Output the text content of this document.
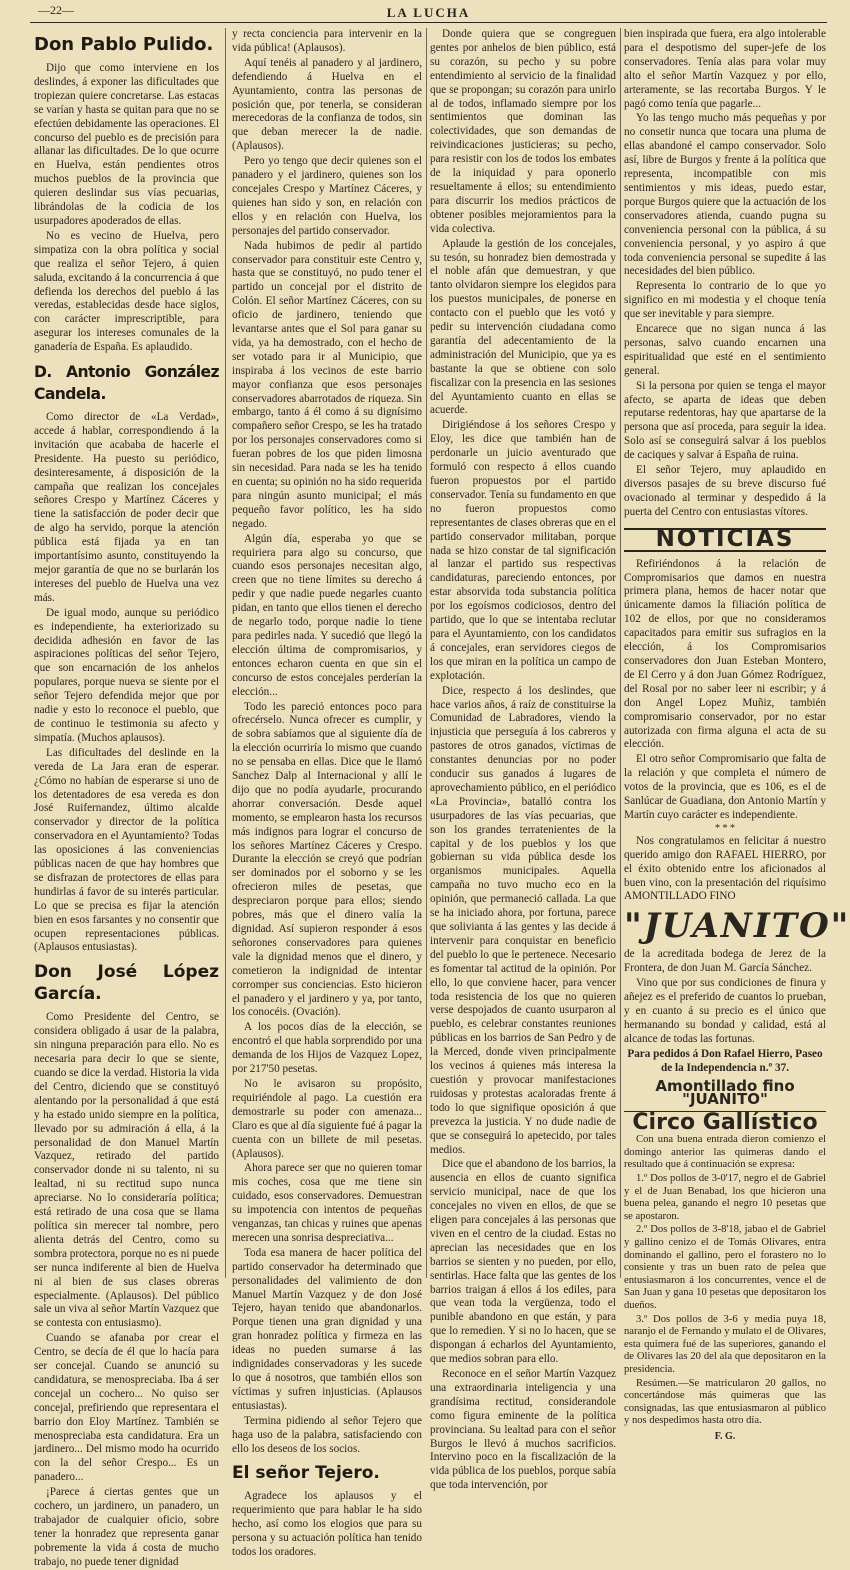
—22—	LA LUCHA
Don Pablo Pulido.

Dijo que como interviene en los deslindes, á exponer las dificultades que tropiezan quiere concretarse. Las estacas se varían y hasta se quitan para que no se efectúen debidamente las operaciones. El concurso del pueblo es de precisión para allanar las dificultades. De lo que ocurre en Huelva, están pendientes otros muchos pueblos de la provincia que quieren deslindar sus vías pecuarias, librándolas de la codicia de los usurpadores apoderados de ellas.

No es vecino de Huelva, pero simpatiza con la obra política y social que realiza el señor Tejero, á quien saluda, excitando á la concurrencia á que defienda los derechos del pueblo á las veredas, establecidas desde hace siglos, con carácter imprescriptible, para asegurar los intereses comunales de la ganadería de España. Es aplaudido.

D. Antonio González Candela.

Como director de «La Verdad», accede á hablar, correspondiendo á la invitación que acababa de hacerle el Presidente. Ha puesto su periódico, desinteresamente, á disposición de la campaña que realizan los concejales señores Crespo y Martínez Cáceres y tiene la satisfacción de poder decir que de algo ha servido, porque la atención pública está fijada ya en tan importantísimo asunto, constituyendo la mejor garantía de que no se burlarán los intereses del pueblo de Huelva una vez más.

De igual modo, aunque su periódico es independiente, ha exteriorizado su decidida adhesión en favor de las aspiraciones políticas del señor Tejero, que son encarnación de los anhelos populares, porque nueva se siente por el señor Tejero defendida mejor que por nadie y esto lo reconoce el pueblo, que de continuo le testimonia su afecto y simpatía. (Muchos aplausos).

Las dificultades del deslinde en la vereda de La Jara eran de esperar. ¿Cómo no habían de esperarse si uno de los detentadores de esa vereda es don José Ruifernandez, último alcalde conservador y director de la política conservadora en el Ayuntamiento? Todas las oposiciones á las conveniencias públicas nacen de que hay hombres que se disfrazan de protectores de ellas para hundirlas á favor de su interés particular. Lo que se precisa es fijar la atención bien en esos farsantes y no consentir que ocupen representaciones públicas. (Aplausos entusiastas).

Don José López García.

Como Presidente del Centro, se considera obligado á usar de la palabra, sin ninguna preparación para ello. No es necesaria para decir lo que se siente, cuando se dice la verdad. Historia la vida del Centro, diciendo que se constituyó alentando por la personalidad á que está y ha estado unido siempre en la política, llevado por su admiración á ella, á la personalidad de don Manuel Martín Vazquez, retirado del partido conservador donde ni su talento, ni su lealtad, ni su rectitud supo nunca apreciarse. No lo consideraría política; está retirado de una cosa que se llama política sin merecer tal nombre, pero alienta detrás del Centro, como su sombra protectora, porque no es ni puede ser nunca indiferente al bien de Huelva ni al bien de sus clases obreras especialmente. (Aplausos). Del público sale un viva al señor Martín Vazquez que se contesta con entusiasmo).

Cuando se afanaba por crear el Centro, se decía de él que lo hacía para ser concejal. Cuando se anunció su candidatura, se menospreciaba. Iba á ser concejal un cochero... No quiso ser concejal, prefiriendo que representara el barrio don Eloy Martínez. También se menospreciaba esta candidatura. Era un jardinero... Del mismo modo ha ocurrido con la del señor Crespo... Es un panadero...

¡Parece á ciertas gentes que un cochero, un jardinero, un panadero, un trabajador de cualquier oficio, sobre tener la honradez que representa ganar pobremente la vida á costa de mucho trabajo, no puede tener dignidad

y recta conciencia para intervenir en la vida pública! (Aplausos).

Aquí tenéis al panadero y al jardinero, defendiendo á Huelva en el Ayuntamiento, contra las personas de posición que, por tenerla, se consideran merecedoras de la confianza de todos, sin que deban merecer la de nadie. (Aplausos).

Pero yo tengo que decir quienes son el panadero y el jardinero, quienes son los concejales Crespo y Martínez Cáceres, y quienes han sido y son, en relación con ellos y en relación con Huelva, los personajes del partido conservador.

Nada hubimos de pedir al partido conservador para constituir este Centro y, hasta que se constituyó, no pudo tener el partido un concejal por el distrito de Colón. El señor Martínez Cáceres, con su oficio de jardinero, teniendo que levantarse antes que el Sol para ganar su vida, ya ha demostrado, con el hecho de ser votado para ir al Municipio, que inspiraba á los vecinos de este barrio mayor confianza que esos personajes conservadores abarrotados de riqueza. Sin embargo, tanto á él como á su dignísimo compañero señor Crespo, se les ha tratado por los personajes conservadores como si fueran pobres de los que piden limosna sin necesidad. Para nada se les ha tenido en cuenta; su opinión no ha sido requerida para ningún asunto municipal; el más pequeño favor político, les ha sido negado.

Algún día, esperaba yo que se requiriera para algo su concurso, que cuando esos personajes necesitan algo, creen que no tiene límites su derecho á pedir y que nadie puede negarles cuanto pidan, en tanto que ellos tienen el derecho de negarlo todo, porque nadie lo tiene para pedirles nada. Y sucedió que llegó la elección última de compromisarios, y entonces echaron cuenta en que sin el concurso de estos concejales perderían la elección...

Todo les pareció entonces poco para ofrecérselo. Nunca ofrecer es cumplir, y de sobra sabíamos que al siguiente día de la elección ocurriría lo mismo que cuando no se pensaba en ellas. Dice que le llamó Sanchez Dalp al Internacional y allí le dijo que no podía ayudarle, procurando ahorrar conversación. Desde aquel momento, se emplearon hasta los recursos más indignos para lograr el concurso de los señores Martínez Cáceres y Crespo. Durante la elección se creyó que podrían ser dominados por el soborno y se les ofrecieron miles de pesetas, que despreciaron porque para ellos; siendo pobres, más que el dinero valía la dignidad. Así supieron responder á esos señorones conservadores para quienes vale la dignidad menos que el dinero, y cometieron la indignidad de intentar corromper sus conciencias. Esto hicieron el panadero y el jardinero y ya, por tanto, los conocéis. (Ovación).

A los pocos días de la elección, se encontró el que habla sorprendido por una demanda de los Hijos de Vazquez Lopez, por 217'50 pesetas.

No le avisaron su propósito, requiriéndole al pago. La cuestión era demostrarle su poder con amenaza... Claro es que al día siguiente fué á pagar la cuenta con un billete de mil pesetas. (Aplausos).

Ahora parece ser que no quieren tomar mis coches, cosa que me tiene sin cuidado, esos conservadores. Demuestran su impotencia con intentos de pequeñas venganzas, tan chicas y ruines que apenas merecen una sonrisa despreciativa...

Toda esa manera de hacer política del partido conservador ha determinado que personalidades del valimiento de don Manuel Martín Vazquez y de don José Tejero, hayan tenido que abandonarlos. Porque tienen una gran dignidad y una gran honradez política y firmeza en las ideas no pueden sumarse á las indignidades conservadoras y les sucede lo que á nosotros, que también ellos son víctimas y sufren injusticias. (Aplausos entusiastas).

Termina pidiendo al señor Tejero que haga uso de la palabra, satisfaciendo con ello los deseos de los socios.

El señor Tejero.

Agradece los aplausos y el requerimiento que para hablar le ha sido hecho, así como los elogios que para su persona y su actuación política han tenido todos los oradores.

Donde quiera que se congreguen gentes por anhelos de bien público, está su corazón, su pecho y su pobre entendimiento al servicio de la finalidad que se propongan; su corazón para unirlo al de todos, inflamado siempre por los sentimientos que dominan las colectividades, que son demandas de reivindicaciones justicieras; su pecho, para resistir con los de todos los embates de la iniquidad y para oponerlo resueltamente á ellos; su entendimiento para discurrir los medios prácticos de obtener posibles mejoramientos para la vida colectiva.

Aplaude la gestión de los concejales, su tesón, su honradez bien demostrada y el noble afán que demuestran, y que tanto olvidaron siempre los elegidos para los puestos municipales, de ponerse en contacto con el pueblo que les votó y pedir su intervención ciudadana como garantía del adecentamiento de la administración del Municipio, que ya es bastante la que se obtiene con solo fiscalizar con la presencia en las sesiones del Ayuntamiento cuanto en ellas se acuerde.

Dirigiéndose á los señores Crespo y Eloy, les dice que también han de perdonarle un juicio aventurado que formuló con respecto á ellos cuando fueron propuestos por el partido conservador. Tenía su fundamento en que no fueron propuestos como representantes de clases obreras que en el partido conservador militaban, porque nada se hizo constar de tal significación al lanzar el partido sus respectivas candidaturas, pareciendo entonces, por estar absorvida toda substancia política por los egoísmos codiciosos, dentro del partido, que lo que se intentaba reclutar para el Ayuntamiento, con los candidatos á concejales, eran servidores ciegos de los que miran en la política un campo de explotación.

Dice, respecto á los deslindes, que hace varios años, á raíz de constituirse la Comunidad de Labradores, viendo la injusticia que perseguía á los cabreros y pastores de otros ganados, víctimas de constantes denuncias por no poder conducir sus ganados á lugares de aprovechamiento público, en el periódico «La Provincia», batalló contra los usurpadores de las vías pecuarias, que son los grandes terratenientes de la capital y de los pueblos y los que gobiernan su vida pública desde los organismos municipales. Aquella campaña no tuvo mucho eco en la opinión, que permaneció callada. La que se ha iniciado ahora, por fortuna, parece que solivianta á las gentes y las decide á intervenir para conquistar en beneficio del pueblo lo que le pertenece. Necesario es fomentar tal actitud de la opinión. Por ello, lo que conviene hacer, para vencer toda resistencia de los que no quieren verse despojados de cuanto usurparon al pueblo, es celebrar constantes reuniones públicas en los barrios de San Pedro y de la Merced, donde viven principalmente los vecinos á quienes más interesa la cuestión y provocar manifestaciones ruidosas y protestas acaloradas frente á todo lo que signifique oposición á que prevezca la justicia. Y no dude nadie de que se conseguirá lo apetecido, por tales medios.

Dice que el abandono de los barrios, la ausencia en ellos de cuanto significa servicio municipal, nace de que los concejales no viven en ellos, de que se eligen para concejales á las personas que viven en el centro de la ciudad. Estas no aprecian las necesidades que en los barrios se sienten y no pueden, por ello, sentirlas. Hace falta que las gentes de los barrios traigan á ellos á los ediles, para que vean toda la vergüenza, todo el punible abandono en que están, y para que lo remedien. Y si no lo hacen, que se dispongan á echarlos del Ayuntamiento, que medios sobran para ello.

Reconoce en el señor Martín Vazquez una extraordinaria inteligencia y una grandísima rectitud, considerandole como figura eminente de la política provinciana. Su lealtad para con el señor Burgos le llevó á muchos sacrificios. Intervino poco en la fiscalización de la vida pública de los pueblos, porque sabía que toda intervención, por

bien inspirada que fuera, era algo intolerable para el despotismo del super-jefe de los conservadores. Tenía alas para volar muy alto el señor Martín Vazquez y por ello, arteramente, se las recortaba Burgos. Y le pagó como tenía que pagarle...

Yo las tengo mucho más pequeñas y por no consetir nunca que tocara una pluma de ellas abandoné el campo conservador. Solo así, libre de Burgos y frente á la política que representa, incompatible con mis sentimientos y mis ideas, puedo estar, porque Burgos quiere que la actuación de los conservadores atienda, cuando pugna su conveniencia personal con la pública, á su conveniencia personal, y yo aspiro á que toda conveniencia personal se supedite á las necesidades del bien público.

Representa lo contrario de lo que yo significo en mi modestia y el choque tenía que ser inevitable y para siempre.

Encarece que no sigan nunca á las personas, salvo cuando encarnen una espiritualidad que esté en el sentimiento general.

Si la persona por quien se tenga el mayor afecto, se aparta de ideas que deben reputarse redentoras, hay que apartarse de la persona que así proceda, para seguir la idea. Solo así se conseguirá salvar á los pueblos de caciques y salvar á España de ruina.

El señor Tejero, muy aplaudido en diversos pasajes de su breve discurso fué ovacionado al terminar y despedido á la puerta del Centro con entusiastas vítores.

NOTICIAS

Refiriéndonos á la relación de Compromisarios que damos en nuestra primera plana, hemos de hacer notar que únicamente damos la filiación política de 102 de ellos, por que no consideramos capacitados para emitir sus sufragios en la elección, á los Compromisarios conservadores don Juan Esteban Montero, de El Cerro y á don Juan Gómez Rodríguez, del Rosal por no saber leer ni escribir; y á don Angel Lopez Muñiz, también compromisario conservador, por no estar autorizada con firma alguna el acta de su elección.

El otro señor Compromisario que falta de la relación y que completa el número de votos de la provincia, que es 106, es el de Sanlúcar de Guadiana, don Antonio Martín y Martín cuyo carácter es independiente.

* * *

Nos congratulamos en felicitar á nuestro querido amigo don RAFAEL HIERRO, por el éxito obtenido entre los aficionados al buen vino, con la presentación del riquísimo AMONTILLADO FINO

"JUANITO"

de la acreditada bodega de Jerez de la Frontera, de don Juan M. García Sánchez.

Vino que por sus condiciones de finura y añejez es el preferido de cuantos lo prueban, y en cuanto á su precio es el único que hermanando su bondad y calidad, está al alcance de todas las fortunas.

Para pedidos á Don Rafael Hierro, Paseo de la Independencia n.º 37.

Amontillado fino "JUANITO"
Circo Gallístico

Con una buena entrada dieron comienzo el domingo anterior las quimeras dando el resultado que á continuación se expresa:

1.º Dos pollos de 3-0'17, negro el de Gabriel y el de Juan Benabad, los que hicieron una buena pelea, ganando el negro 10 pesetas que se apostaron.

2.º Dos pollos de 3-8'18, jabao el de Gabriel y gallino cenizo el de Tomás Olivares, entra dominando el gallino, pero el forastero no lo consiente y tras un buen rato de pelea que entusiasmaron á los concurrentes, vence el de San Juan y gana 10 pesetas que depositaron los dueños.

3.º Dos pollos de 3-6 y media puya 18, naranjo el de Fernando y mulato el de Olivares, esta quimera fué de las superiores, ganando el de Olivares las 20 del ala que depositaron en la presidencia.

Resúmen.—Se matricularon 20 gallos, no concertándose más quimeras que las consignadas, las que entusiasmaron al público y nos despedimos hasta otro día.

F. G.
